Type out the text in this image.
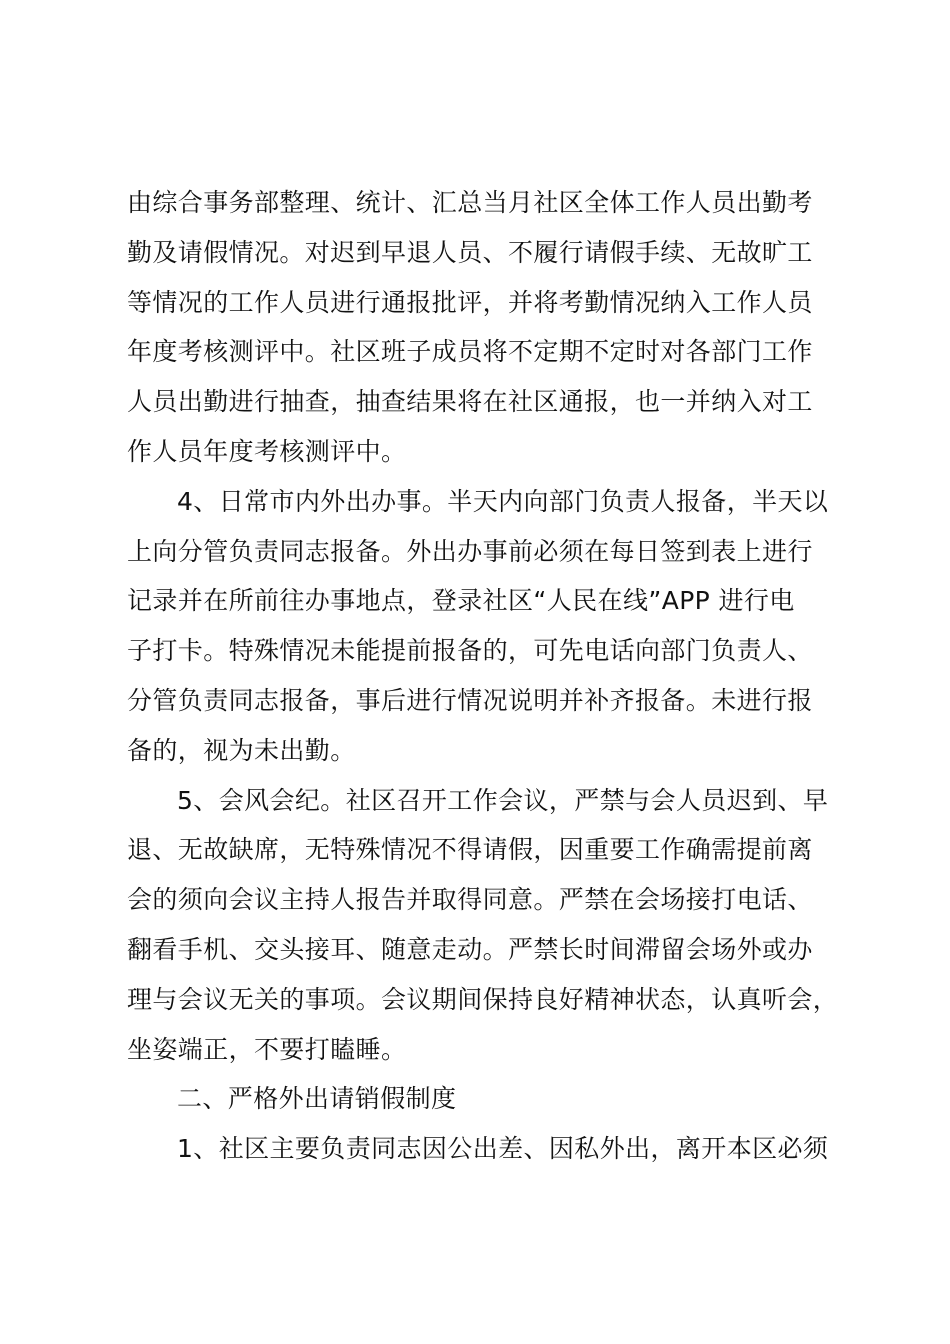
由综合事务部整理、统计、汇总当月社区全体工作人员出勤考
勤及请假情况。对迟到早退人员、不履行请假手续、无故旷工
等情况的工作人员进行通报批评，并将考勤情况纳入工作人员
年度考核测评中。社区班子成员将不定期不定时对各部门工作
人员出勤进行抽查，抽查结果将在社区通报，也一并纳入对工
作人员年度考核测评中。
4、日常市内外出办事。半天内向部门负责人报备，半天以
上向分管负责同志报备。外出办事前必须在每日签到表上进行
记录并在所前往办事地点，登录社区“人民在线”APP 进行电
子打卡。特殊情况未能提前报备的，可先电话向部门负责人、
分管负责同志报备，事后进行情况说明并补齐报备。未进行报
备的，视为未出勤。
5、会风会纪。社区召开工作会议，严禁与会人员迟到、早
退、无故缺席，无特殊情况不得请假，因重要工作确需提前离
会的须向会议主持人报告并取得同意。严禁在会场接打电话、
翻看手机、交头接耳、随意走动。严禁长时间滞留会场外或办
理与会议无关的事项。会议期间保持良好精神状态，认真听会，
坐姿端正，不要打瞌睡。
二、严格外出请销假制度
1、社区主要负责同志因公出差、因私外出，离开本区必须
